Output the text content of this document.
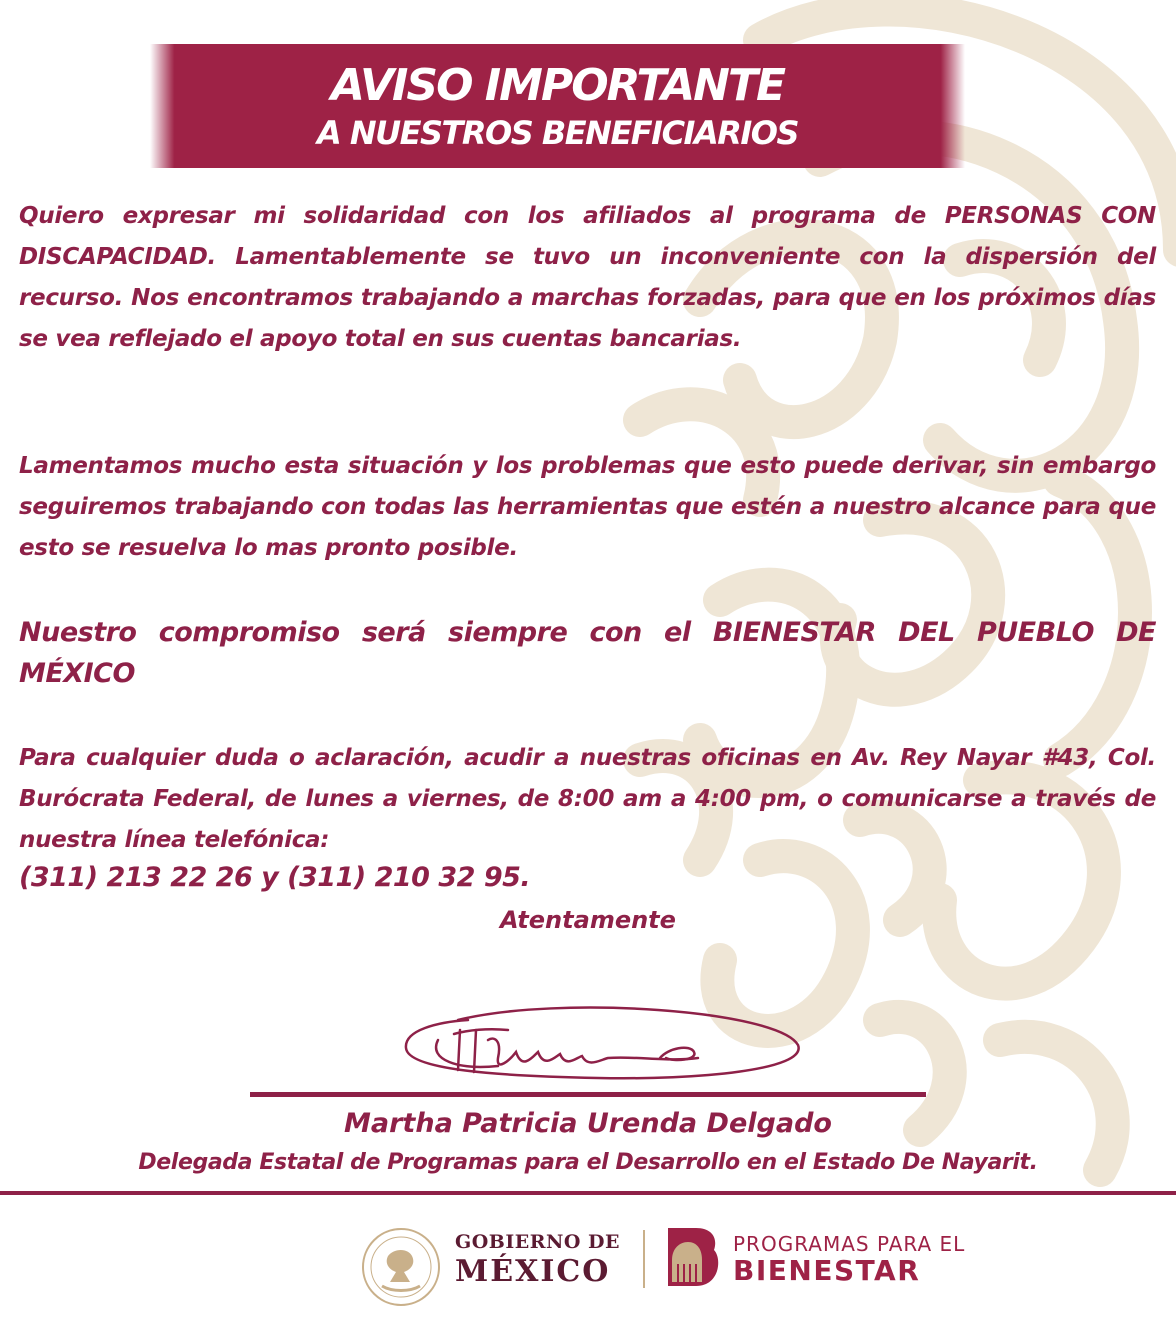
AVISO IMPORTANTE
A NUESTROS BENEFICIARIOS
Quiero expresar mi solidaridad con los afiliados al programa de PERSONAS CON DISCAPACIDAD. Lamentablemente se tuvo un inconveniente con la dispersión del recurso. Nos encontramos trabajando a marchas forzadas, para que en los próximos días se vea reflejado el apoyo total en sus cuentas bancarias.
Lamentamos mucho esta situación y los problemas que esto puede derivar, sin embargo seguiremos trabajando con todas las herramientas que estén a nuestro alcance para que esto se resuelva lo mas pronto posible.
Nuestro compromiso será siempre con el BIENESTAR DEL PUEBLO DE MÉXICO
Para cualquier duda o aclaración, acudir a nuestras oficinas en Av. Rey Nayar #43, Col. Burócrata Federal, de lunes a viernes, de 8:00 am a 4:00 pm, o comunicarse a través de nuestra línea telefónica:
(311) 213 22 26 y (311) 210 32 95.
Atentamente
Martha Patricia Urenda Delgado
Delegada Estatal de Programas para el Desarrollo en el Estado De Nayarit.
GOBIERNO DE
MÉXICO
PROGRAMAS PARA EL
BIENESTAR
